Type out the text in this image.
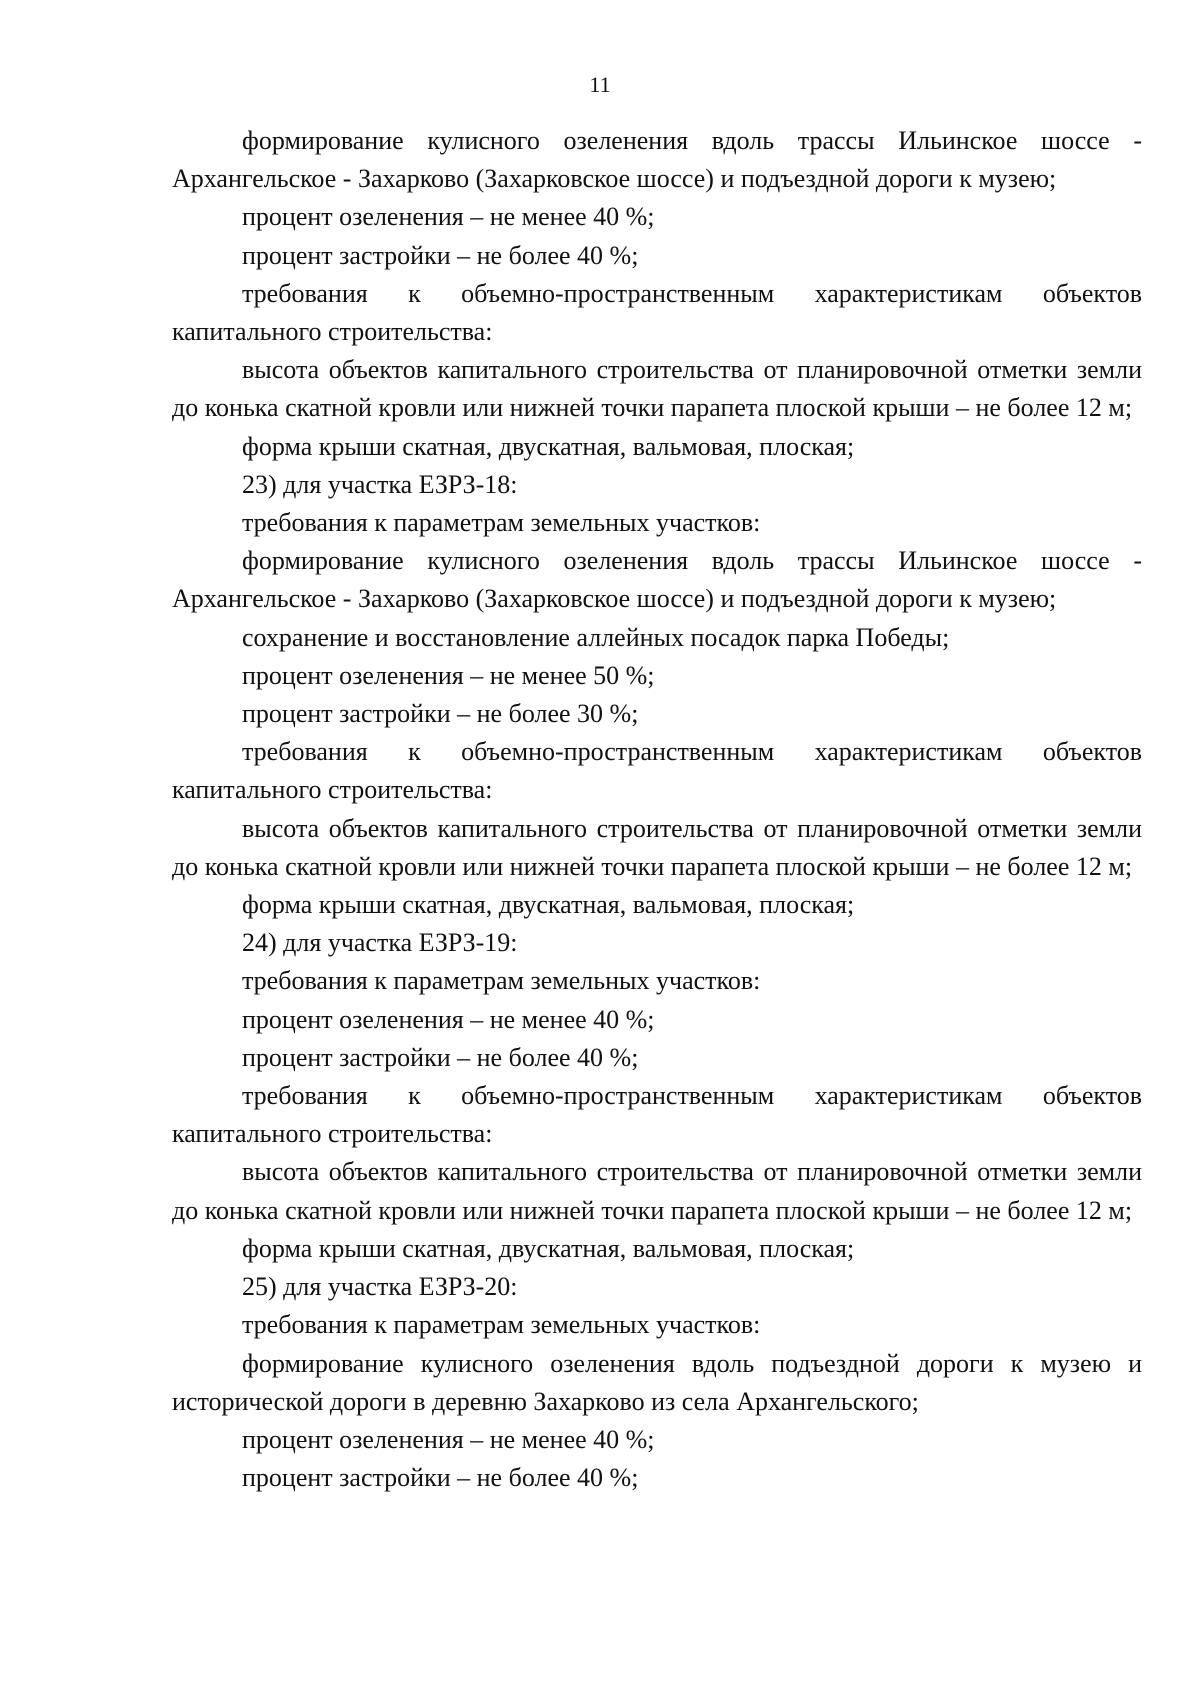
11

формирование кулисного озеленения вдоль трассы Ильинское шоссе - Архангельское - Захарково (Захарковское шоссе) и подъездной дороги к музею;

процент озеленения – не менее 40 %;

процент застройки – не более 40 %;

требования к объемно-пространственным характеристикам объектов капитального строительства:

высота объектов капитального строительства от планировочной отметки земли до конька скатной кровли или нижней точки парапета плоской крыши – не более 12 м;

форма крыши скатная, двускатная, вальмовая, плоская;

23) для участка ЕЗРЗ-18:

требования к параметрам земельных участков:

формирование кулисного озеленения вдоль трассы Ильинское шоссе - Архангельское - Захарково (Захарковское шоссе) и подъездной дороги к музею;

сохранение и восстановление аллейных посадок парка Победы;

процент озеленения – не менее 50 %;

процент застройки – не более 30 %;

требования к объемно-пространственным характеристикам объектов капитального строительства:

высота объектов капитального строительства от планировочной отметки земли до конька скатной кровли или нижней точки парапета плоской крыши – не более 12 м;

форма крыши скатная, двускатная, вальмовая, плоская;

24) для участка ЕЗРЗ-19:

требования к параметрам земельных участков:

процент озеленения – не менее 40 %;

процент застройки – не более 40 %;

требования к объемно-пространственным характеристикам объектов капитального строительства:

высота объектов капитального строительства от планировочной отметки земли до конька скатной кровли или нижней точки парапета плоской крыши – не более 12 м;

форма крыши скатная, двускатная, вальмовая, плоская;

25) для участка ЕЗРЗ-20:

требования к параметрам земельных участков:

формирование кулисного озеленения вдоль подъездной дороги к музею и исторической дороги в деревню Захарково из села Архангельского;

процент озеленения – не менее 40 %;

процент застройки – не более 40 %;
